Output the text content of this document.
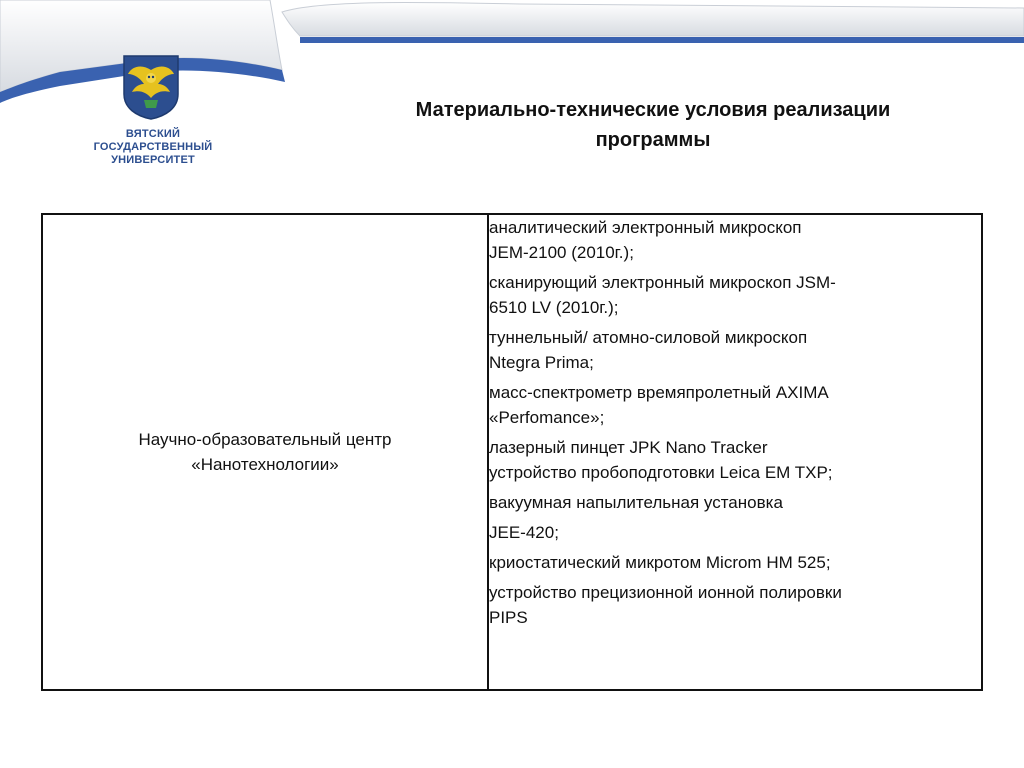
ВЯТСКИЙ
ГОСУДАРСТВЕННЫЙ
УНИВЕРСИТЕТ
Материально-технические условия реализации
программы
Научно-образовательный центр
«Нанотехнологии»

аналитический электронный микроскоп
JEM-2100 (2010г.);
сканирующий электронный микроскоп JSM-
6510 LV (2010г.);
туннельный/ атомно-силовой микроскоп
Ntegra Prima;
масс-спектрометр времяпролетный AXIMA
«Perfomance»;
лазерный пинцет JPK Nano Tracker
устройство пробоподготовки Leica EM TXP;
вакуумная напылительная установка
JEE-420;
криостатический микротом Microm HM 525;
устройство прецизионной ионной полировки
PIPS
